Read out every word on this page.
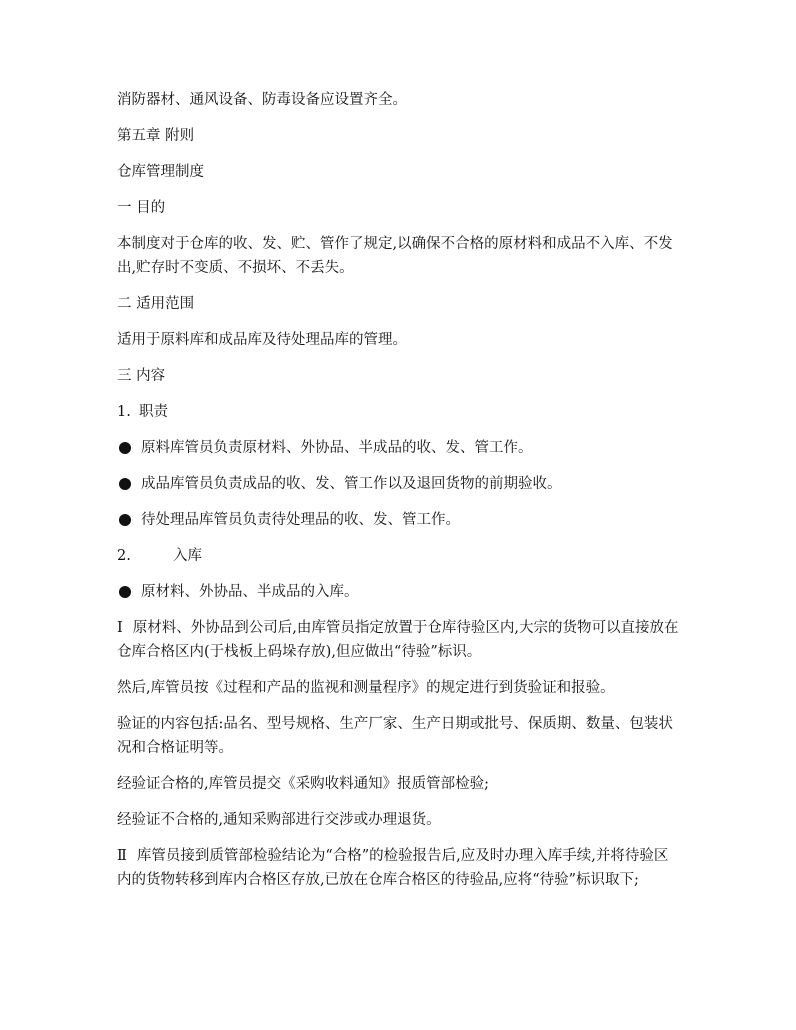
消防器材、通风设备、防毒设备应设置齐全。

第五章 附则

仓库管理制度

一 目的

本制度对于仓库的收、发、贮、管作了规定,以确保不合格的原材料和成品不入库、不发出,贮存时不变质、不损坏、不丢失。

二 适用范围

适用于原料库和成品库及待处理品库的管理。

三 内容

1. 职责
原料库管员负责原材料、外协品、半成品的收、发、管工作。
成品库管员负责成品的收、发、管工作以及退回货物的前期验收。
待处理品库管员负责待处理品的收、发、管工作。
2.	入库
原材料、外协品、半成品的入库。

Ⅰ 原材料、外协品到公司后,由库管员指定放置于仓库待验区内,大宗的货物可以直接放在仓库合格区内(于栈板上码垛存放),但应做出“待验”标识。

然后,库管员按《过程和产品的监视和测量程序》的规定进行到货验证和报验。

验证的内容包括:品名、型号规格、生产厂家、生产日期或批号、保质期、数量、包装状况和合格证明等。

经验证合格的,库管员提交《采购收料通知》报质管部检验;

经验证不合格的,通知采购部进行交涉或办理退货。

Ⅱ 库管员接到质管部检验结论为“合格”的检验报告后,应及时办理入库手续,并将待验区内的货物转移到库内合格区存放,已放在仓库合格区的待验品,应将“待验”标识取下;
